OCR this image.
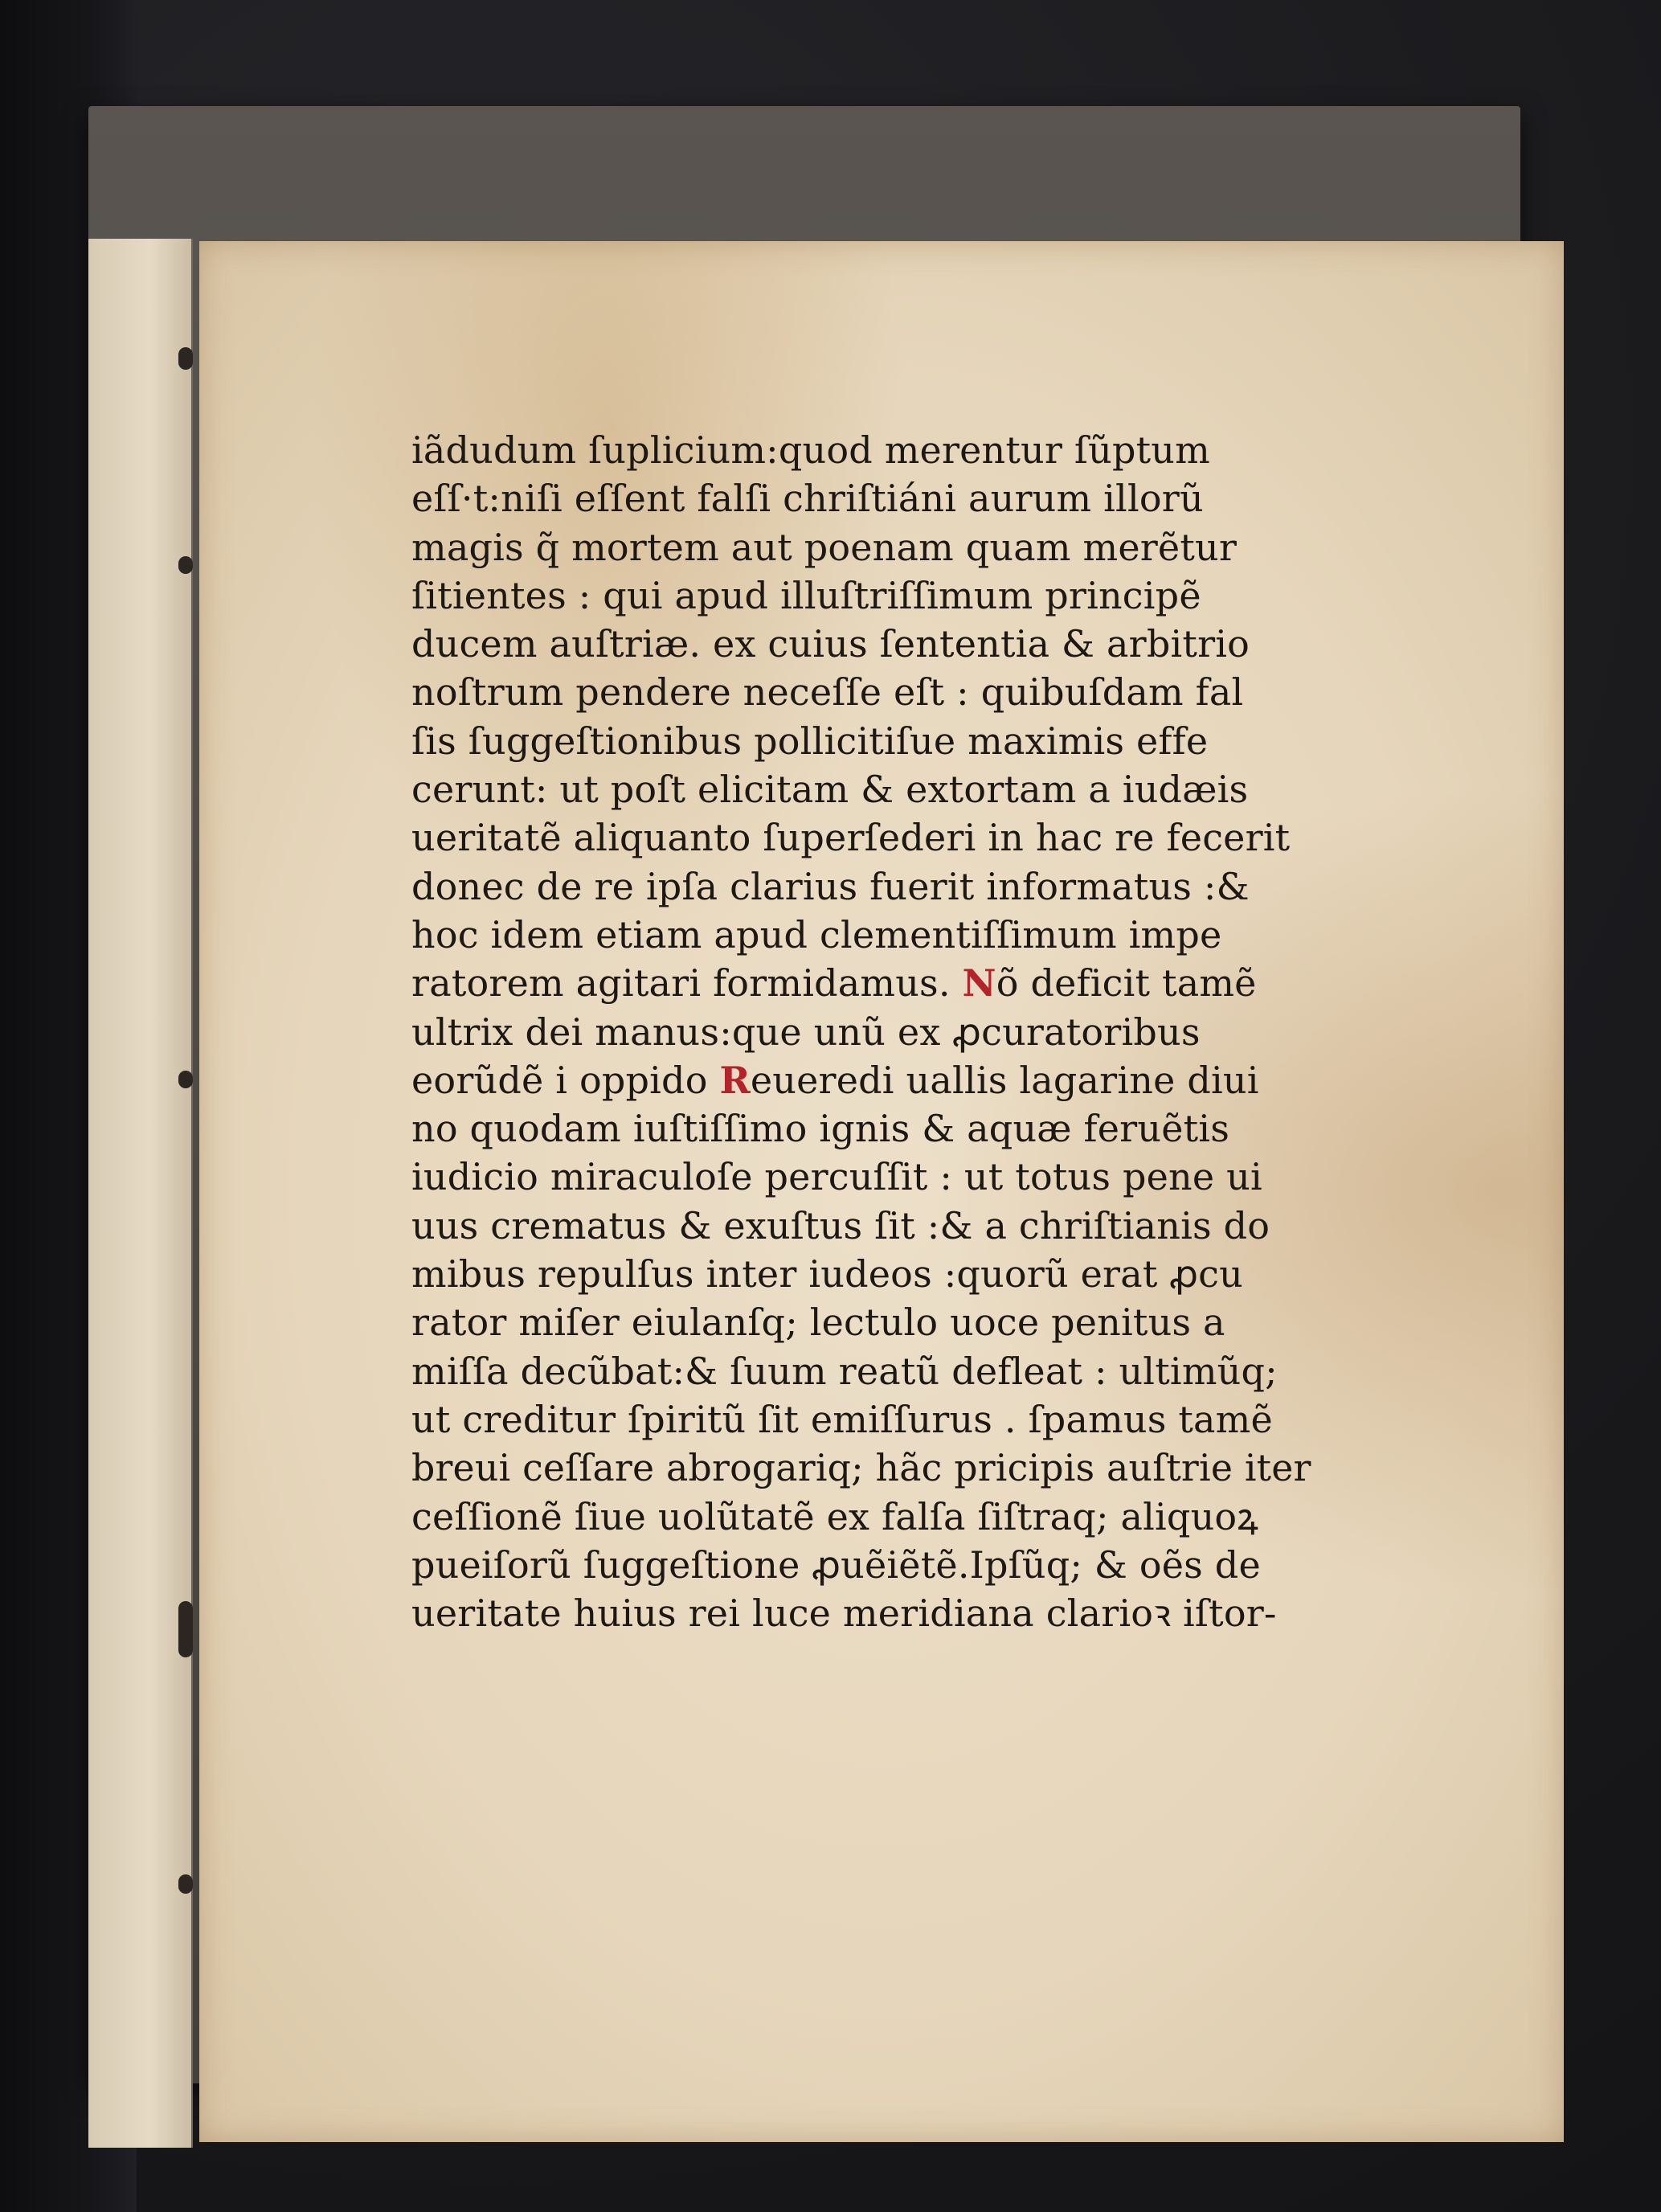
iãdudum ſuplicium:quod merentur ſũptum
eſſ·t:niſi eſſent falſi chriſtiáni aurum illorũ
magis q̃ mortem aut poenam quam merẽtur
ſitientes : qui apud illuſtriſſimum principẽ
ducem auſtriæ. ex cuius ſententia & arbitrio
noſtrum pendere neceſſe eſt : quibuſdam fal
ſis ſuggeſtionibus pollicitiſue maximis effe
cerunt: ut poſt elicitam & extortam a iudæis
ueritatẽ aliquanto ſuperſederi in hac re fecerit
donec de re ipſa clarius fuerit informatus :&
hoc idem etiam apud clementiſſimum impe
ratorem agitari formidamus. Nõ deficit tamẽ
ultrix dei manus:que unũ ex ꝓcuratoribus
eorũdẽ i oppido Reueredi uallis lagarine diui
no quodam iuſtiſſimo ignis & aquæ feruẽtis
iudicio miraculoſe percuſſit : ut totus pene ui
uus crematus & exuſtus ſit :& a chriſtianis do
mibus repulſus inter iudeos :quorũ erat ꝓcu
rator miſer eiulanſq; lectulo uoce penitus a
miſſa decũbat:& ſuum reatũ defleat : ultimũq;
ut creditur ſpiritũ ſit emiſſurus . ſpamus tamẽ
breui ceſſare abrogariq; hãc pricipis auſtrie iter
ceſſionẽ ſiue uolũtatẽ ex falſa ſiſtraq; aliquoꝝ
pueiſorũ ſuggeſtione ꝓuẽiẽtẽ.Ipſũq; & oẽs de
ueritate huius rei luce meridiana clarioꝛ iſtor-
